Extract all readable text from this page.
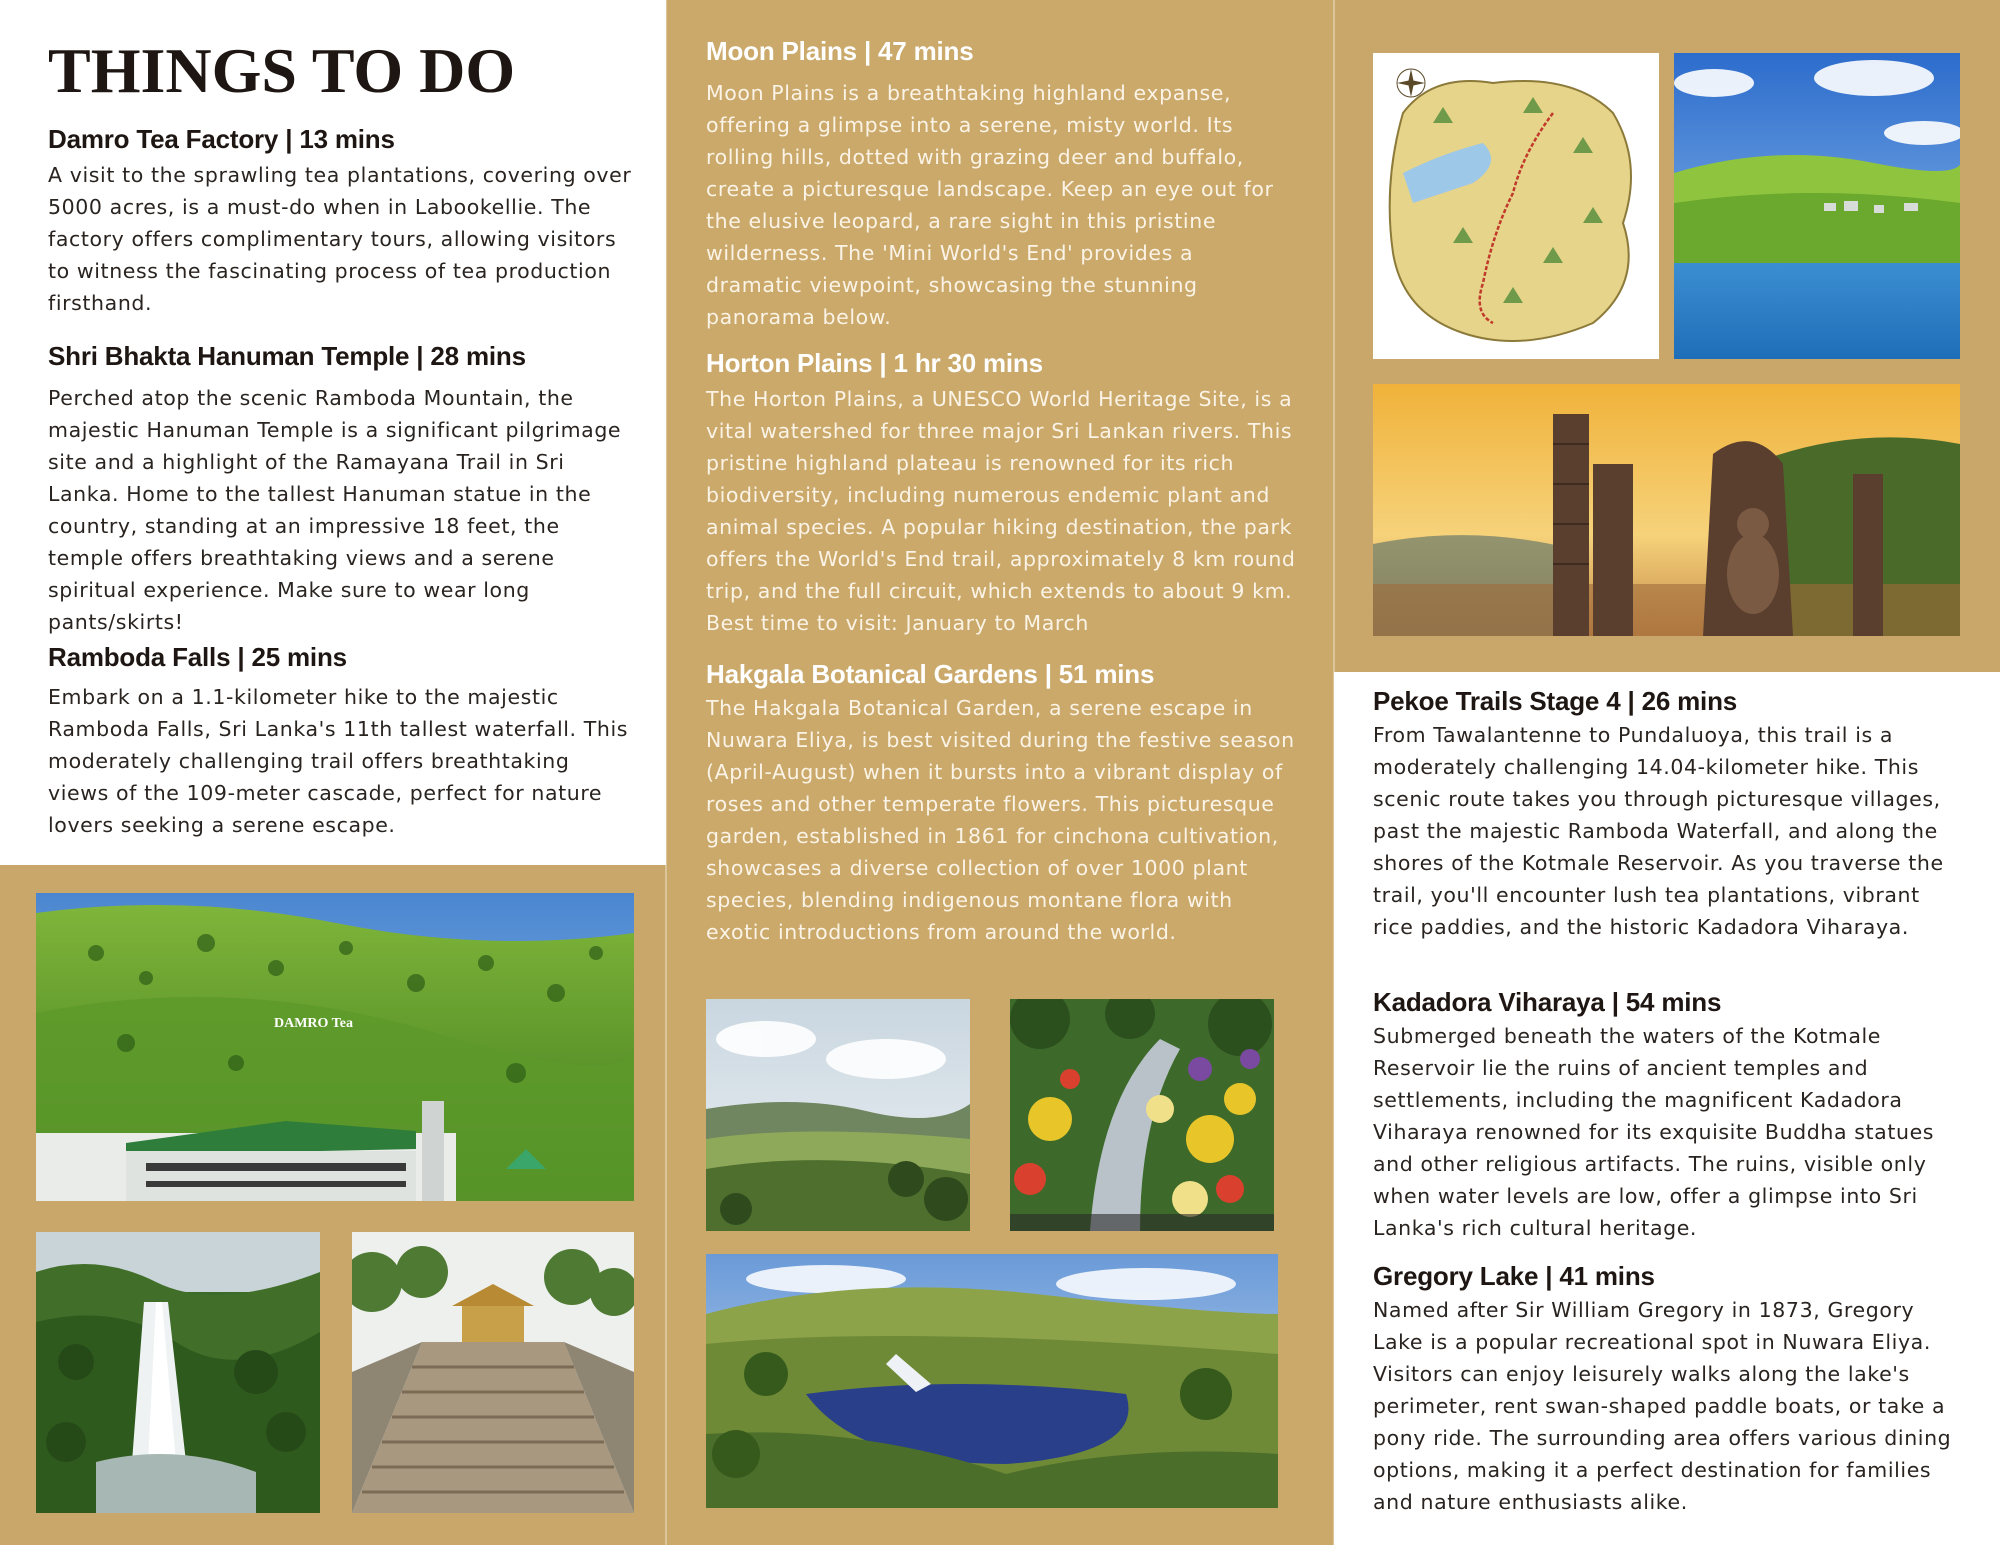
THINGS TO DO
Damro Tea Factory | 13 mins

A visit to the sprawling tea plantations, covering over 5000 acres, is a must-do when in Labookellie. The factory offers complimentary tours, allowing visitors to witness the fascinating process of tea production firsthand.

Shri Bhakta Hanuman Temple | 28 mins

Perched atop the scenic Ramboda Mountain, the majestic Hanuman Temple is a significant pilgrimage site and a highlight of the Ramayana Trail in Sri Lanka. Home to the tallest Hanuman statue in the country, standing at an impressive 18 feet, the temple offers breathtaking views and a serene spiritual experience. Make sure to wear long pants/skirts!

Ramboda Falls | 25 mins

Embark on a 1.1-kilometer hike to the majestic Ramboda Falls, Sri Lanka's 11th tallest waterfall. This moderately challenging trail offers breathtaking views of the 109-meter cascade, perfect for nature lovers seeking a serene escape.

DAMRO Tea
Moon Plains | 47 mins

Moon Plains is a breathtaking highland expanse, offering a glimpse into a serene, misty world. Its rolling hills, dotted with grazing deer and buffalo, create a picturesque landscape. Keep an eye out for the elusive leopard, a rare sight in this pristine wilderness. The 'Mini World's End' provides a dramatic viewpoint, showcasing the stunning panorama below.

Horton Plains | 1 hr 30 mins

The Horton Plains, a UNESCO World Heritage Site, is a vital watershed for three major Sri Lankan rivers. This pristine highland plateau is renowned for its rich biodiversity, including numerous endemic plant and animal species. A popular hiking destination, the park offers the World's End trail, approximately 8 km round trip, and the full circuit, which extends to about 9 km. Best time to visit: January to March

Hakgala Botanical Gardens | 51 mins

The Hakgala Botanical Garden, a serene escape in Nuwara Eliya, is best visited during the festive season (April-August) when it bursts into a vibrant display of roses and other temperate flowers. This picturesque garden, established in 1861 for cinchona cultivation, showcases a diverse collection of over 1000 plant species, blending indigenous montane flora with exotic introductions from around the world.

Pekoe Trails Stage 4 | 26 mins

From Tawalantenne to Pundaluoya, this trail is a moderately challenging 14.04-kilometer hike. This scenic route takes you through picturesque villages, past the majestic Ramboda Waterfall, and along the shores of the Kotmale Reservoir. As you traverse the trail, you'll encounter lush tea plantations, vibrant rice paddies, and the historic Kadadora Viharaya.

Kadadora Viharaya | 54 mins

Submerged beneath the waters of the Kotmale Reservoir lie the ruins of ancient temples and settlements, including the magnificent Kadadora Viharaya renowned for its exquisite Buddha statues and other religious artifacts. The ruins, visible only when water levels are low, offer a glimpse into Sri Lanka's rich cultural heritage.

Gregory Lake | 41 mins

Named after Sir William Gregory in 1873, Gregory Lake is a popular recreational spot in Nuwara Eliya. Visitors can enjoy leisurely walks along the lake's perimeter, rent swan-shaped paddle boats, or take a pony ride. The surrounding area offers various dining options, making it a perfect destination for families and nature enthusiasts alike.
